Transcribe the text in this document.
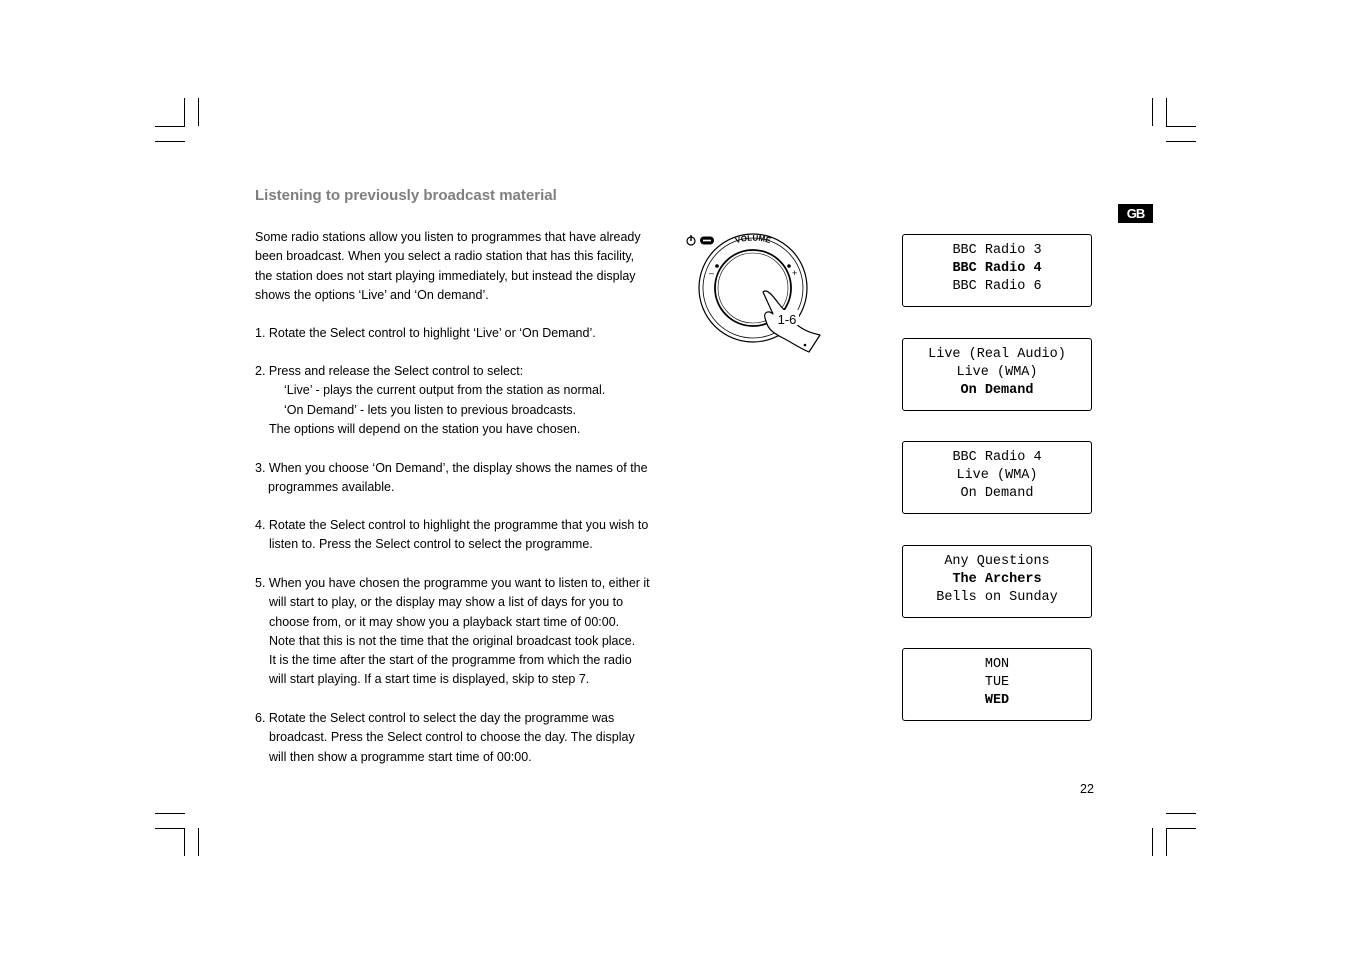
Listening to previously broadcast material
GB

Some radio stations allow you listen to programmes that have already

been broadcast. When you select a radio station that has this facility,

the station does not start playing immediately, but instead the display

shows the options ‘Live’ and ‘On demand’.

1. Rotate the Select control to highlight ‘Live’ or ‘On Demand’.

2. Press and release the Select control to select:

‘Live’ - plays the current output from the station as normal.

‘On Demand’ - lets you listen to previous broadcasts.

The options will depend on the station you have chosen.

3. When you choose ‘On Demand’, the display shows the names of the

programmes available.

4. Rotate the Select control to highlight the programme that you wish to

listen to. Press the Select control to select the programme.

5. When you have chosen the programme you want to listen to, either it

will start to play, or the display may show a list of days for you to

choose from, or it may show you a playback start time of 00:00.

Note that this is not the time that the original broadcast took place.

It is the time after the start of the programme from which the radio

will start playing. If a start time is displayed, skip to step 7.

6. Rotate the Select control to select the day the programme was

broadcast. Press the Select control to choose the day. The display

will then show a programme start time of 00:00.

VOLUME
–	+
1-6
BBC Radio 3
BBC Radio 4
BBC Radio 6
Live (Real Audio)
Live (WMA)
On Demand
BBC Radio 4
Live (WMA)
On Demand
Any Questions
The Archers
Bells on Sunday
MON
TUE
WED
22
